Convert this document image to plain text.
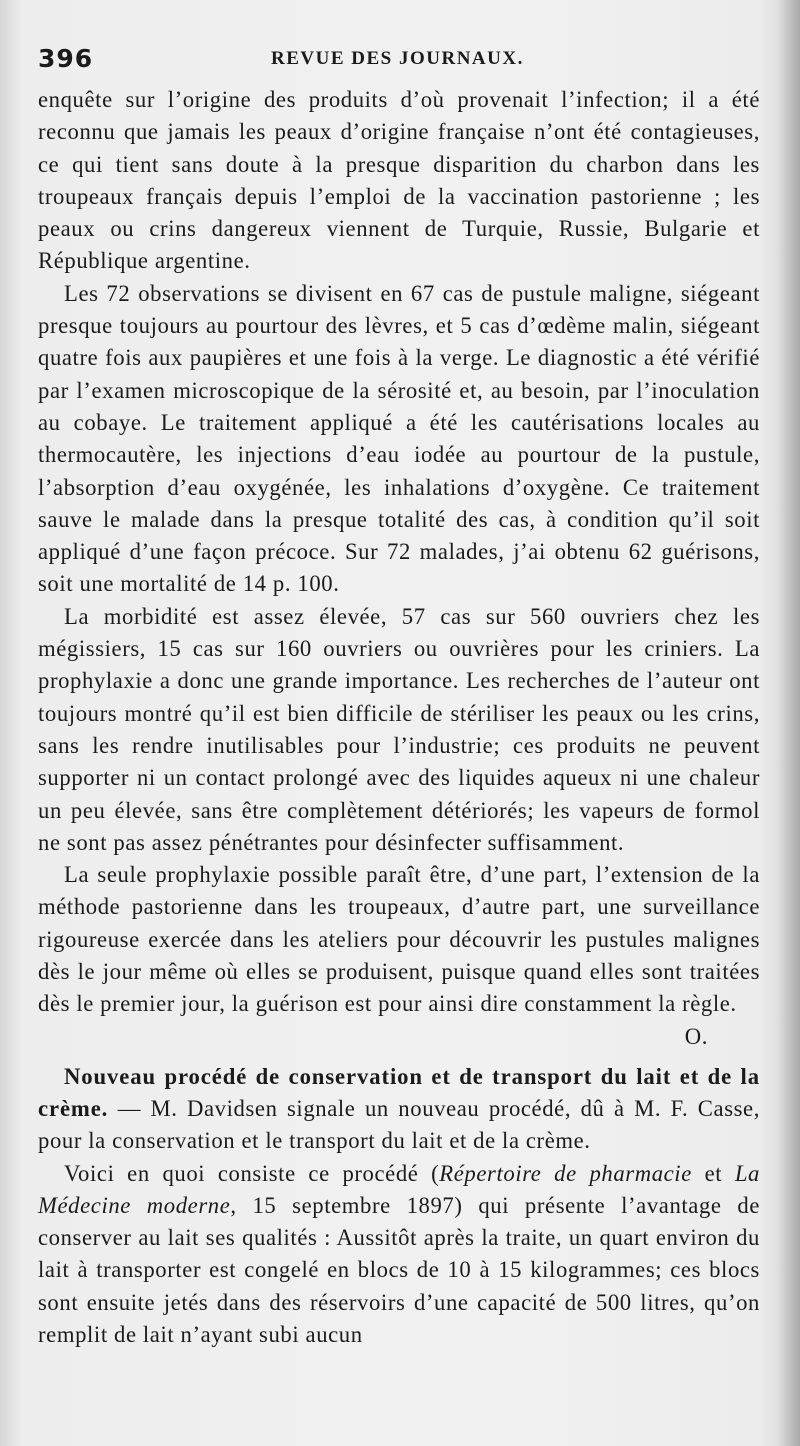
396	REVUE DES JOURNAUX.

enquête sur l’origine des produits d’où provenait l’infection; il a été reconnu que jamais les peaux d’origine française n’ont été contagieuses, ce qui tient sans doute à la presque disparition du charbon dans les troupeaux français depuis l’emploi de la vaccination pastorienne ; les peaux ou crins dangereux viennent de Turquie, Russie, Bulgarie et République argentine.

Les 72 observations se divisent en 67 cas de pustule maligne, siégeant presque toujours au pourtour des lèvres, et 5 cas d’œdème malin, siégeant quatre fois aux paupières et une fois à la verge. Le diagnostic a été vérifié par l’examen microscopique de la sérosité et, au besoin, par l’inoculation au cobaye. Le traitement appliqué a été les cautérisations locales au thermocautère, les injections d’eau iodée au pourtour de la pustule, l’absorption d’eau oxygénée, les inhalations d’oxygène. Ce traitement sauve le malade dans la presque totalité des cas, à condition qu’il soit appliqué d’une façon précoce. Sur 72 malades, j’ai obtenu 62 guérisons, soit une mortalité de 14 p. 100.

La morbidité est assez élevée, 57 cas sur 560 ouvriers chez les mégissiers, 15 cas sur 160 ouvriers ou ouvrières pour les criniers. La prophylaxie a donc une grande importance. Les recherches de l’auteur ont toujours montré qu’il est bien difficile de stériliser les peaux ou les crins, sans les rendre inutilisables pour l’industrie; ces produits ne peuvent supporter ni un contact prolongé avec des liquides aqueux ni une chaleur un peu élevée, sans être complètement détériorés; les vapeurs de formol ne sont pas assez pénétrantes pour désinfecter suffisamment.

La seule prophylaxie possible paraît être, d’une part, l’extension de la méthode pastorienne dans les troupeaux, d’autre part, une surveillance rigoureuse exercée dans les ateliers pour découvrir les pustules malignes dès le jour même où elles se produisent, puisque quand elles sont traitées dès le premier jour, la guérison est pour ainsi dire constamment la règle.
O.

Nouveau procédé de conservation et de transport du lait et de la crème. — M. Davidsen signale un nouveau procédé, dû à M. F. Casse, pour la conservation et le transport du lait et de la crème.

Voici en quoi consiste ce procédé (Répertoire de pharmacie et La Médecine moderne, 15 septembre 1897) qui présente l’avantage de conserver au lait ses qualités : Aussitôt après la traite, un quart environ du lait à transporter est congelé en blocs de 10 à 15 kilogrammes; ces blocs sont ensuite jetés dans des réservoirs d’une capacité de 500 litres, qu’on remplit de lait n’ayant subi aucun
